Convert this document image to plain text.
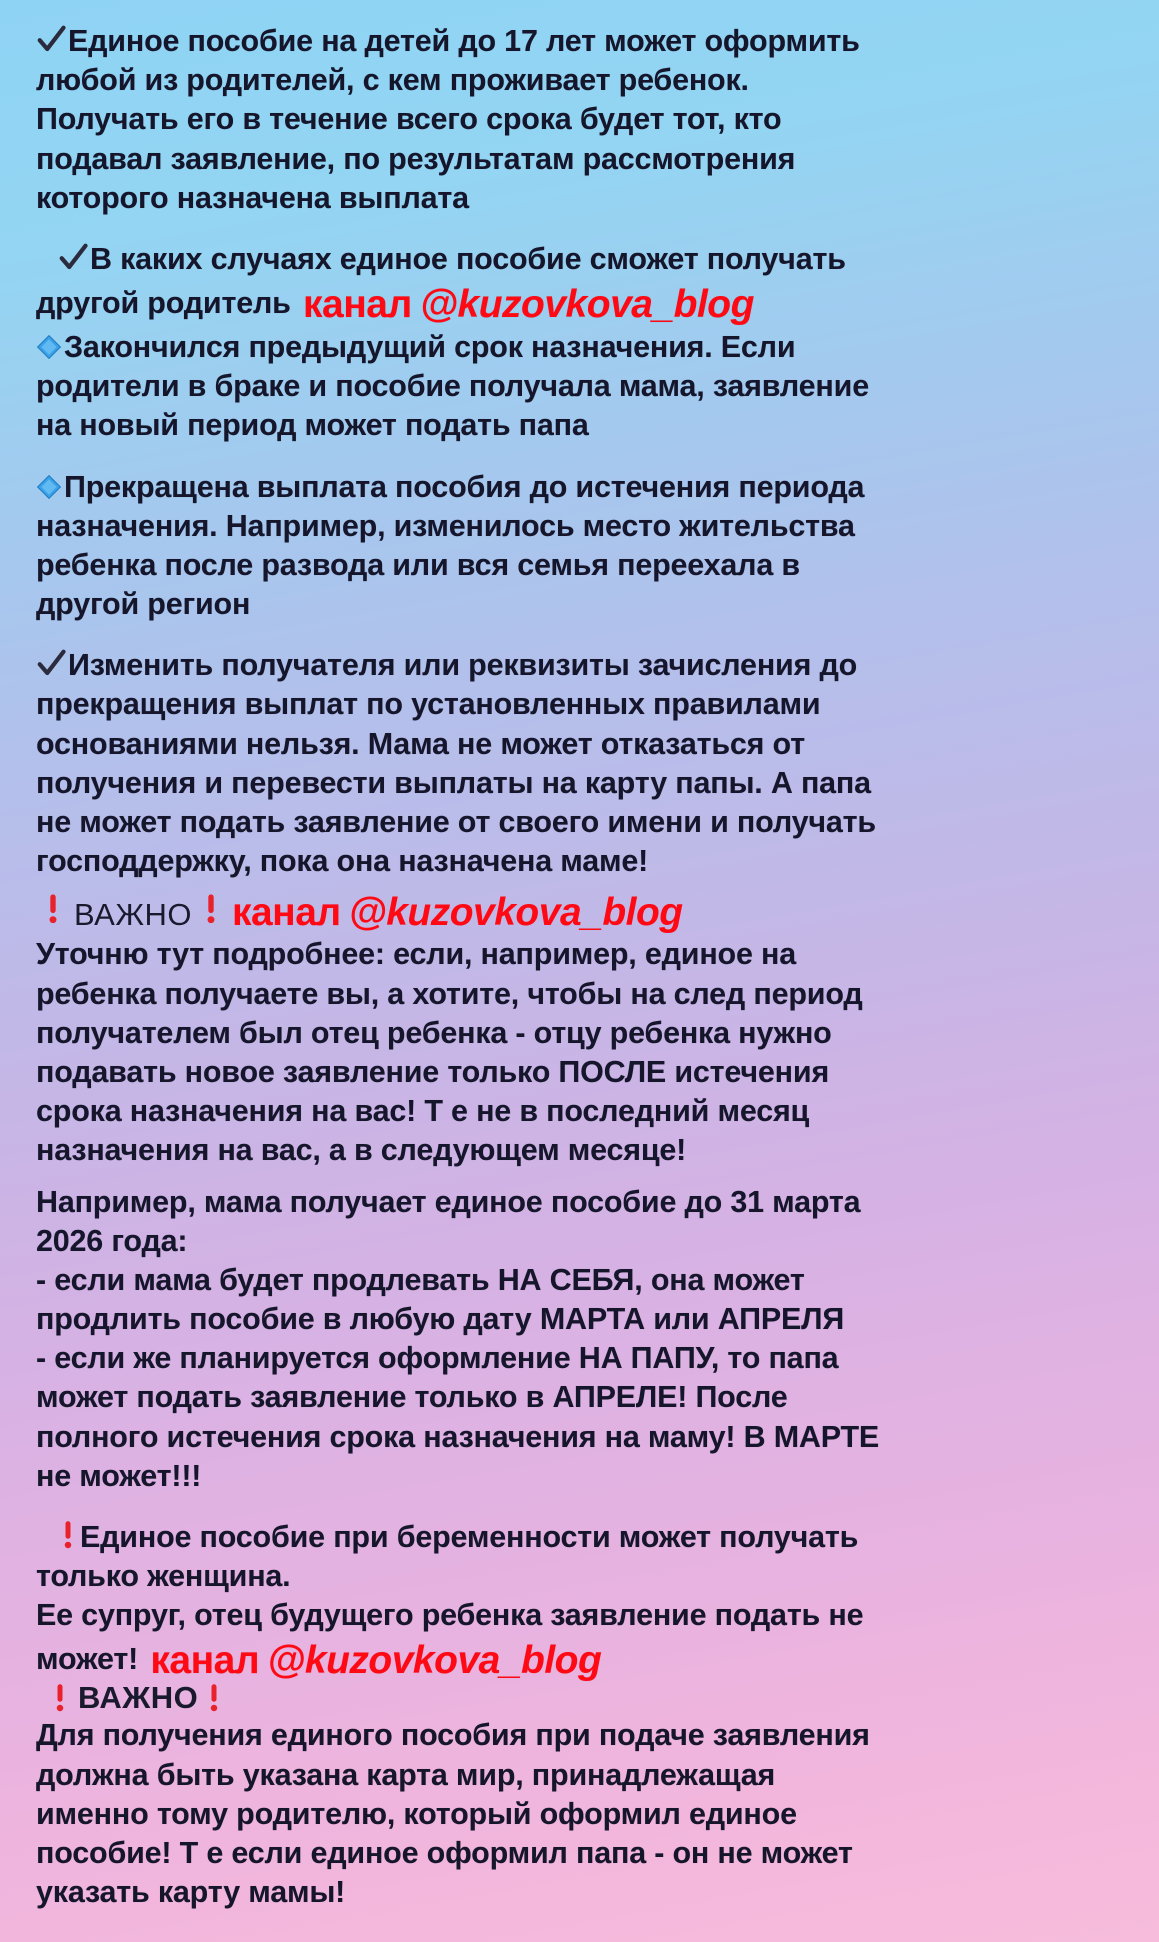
Единое пособие на детей до 17 лет может оформить

любой из родителей, с кем проживает ребенок.

Получать его в течение всего срока будет тот, кто

подавал заявление, по результатам рассмотрения

которого назначена выплата

В каких случаях единое пособие сможет получать

другой родитель канал @kuzovkova_blog

Закончился предыдущий срок назначения. Если

родители в браке и пособие получала мама, заявление

на новый период может подать папа

Прекращена выплата пособия до истечения периода

назначения. Например, изменилось место жительства

ребенка после развода или вся семья переехала в

другой регион

Изменить получателя или реквизиты зачисления до

прекращения выплат по установленных правилами

основаниями нельзя. Мама не может отказаться от

получения и перевести выплаты на карту папы. А папа

не может подать заявление от своего имени и получать

господдержку, пока она назначена маме!

ВАЖНО канал @kuzovkova_blog

Уточню тут подробнее: если, например, единое на

ребенка получаете вы, а хотите, чтобы на след период

получателем был отец ребенка - отцу ребенка нужно

подавать новое заявление только ПОСЛЕ истечения

срока назначения на вас! Т е не в последний месяц

назначения на вас, а в следующем месяце!

Например, мама получает единое пособие до 31 марта

2026 года:

- если мама будет продлевать НА СЕБЯ, она может

продлить пособие в любую дату МАРТА или АПРЕЛЯ

- если же планируется оформление НА ПАПУ, то папа

может подать заявление только в АПРЕЛЕ! После

полного истечения срока назначения на маму! В МАРТЕ

не может!!!

Единое пособие при беременности может получать

только женщина.

Ее супруг, отец будущего ребенка заявление подать не

может! канал @kuzovkova_blog

ВАЖНО

Для получения единого пособия при подаче заявления

должна быть указана карта мир, принадлежащая

именно тому родителю, который оформил единое

пособие! Т е если единое оформил папа - он не может

указать карту мамы!
